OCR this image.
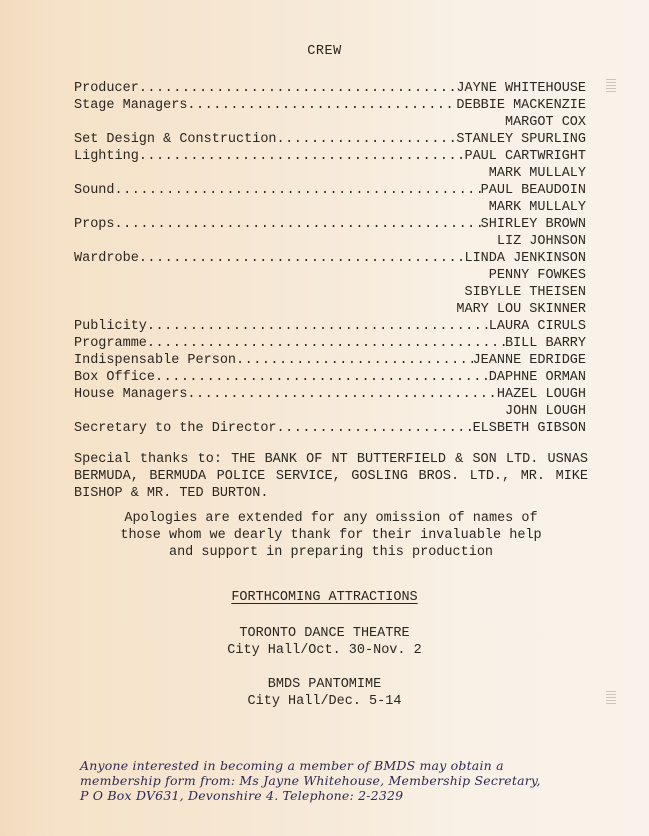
CREW
Producer .....	JAYNE WHITEHOUSE
Stage Managers .....	DEBBIE MACKENZIE
MARGOT COX
Set Design & Construction .....	STANLEY SPURLING
Lighting .....	PAUL CARTWRIGHT
MARK MULLALY
Sound .....	PAUL BEAUDOIN
MARK MULLALY
Props .....	SHIRLEY BROWN
LIZ JOHNSON
Wardrobe .....	LINDA JENKINSON
PENNY FOWKES
SIBYLLE THEISEN
MARY LOU SKINNER
Publicity .....	LAURA CIRULS
Programme .....	BILL BARRY
Indispensable Person .....	JEANNE EDRIDGE
Box Office .....	DAPHNE ORMAN
House Managers .....	HAZEL LOUGH
JOHN LOUGH
Secretary to the Director .....	ELSBETH GIBSON
Special thanks to: THE BANK OF NT BUTTERFIELD & SON LTD. USNAS BERMUDA, BERMUDA POLICE SERVICE, GOSLING BROS. LTD., MR. MIKE BISHOP & MR. TED BURTON.
Apologies are extended for any omission of names of
those whom we dearly thank for their invaluable help
and support in preparing this production
FORTHCOMING ATTRACTIONS
TORONTO DANCE THEATRE
City Hall/Oct. 30-Nov. 2
BMDS PANTOMIME
City Hall/Dec. 5-14
Anyone interested in becoming a member of BMDS may obtain a
membership form from: Ms Jayne Whitehouse, Membership Secretary,
P O Box DV631, Devonshire 4. Telephone: 2-2329
